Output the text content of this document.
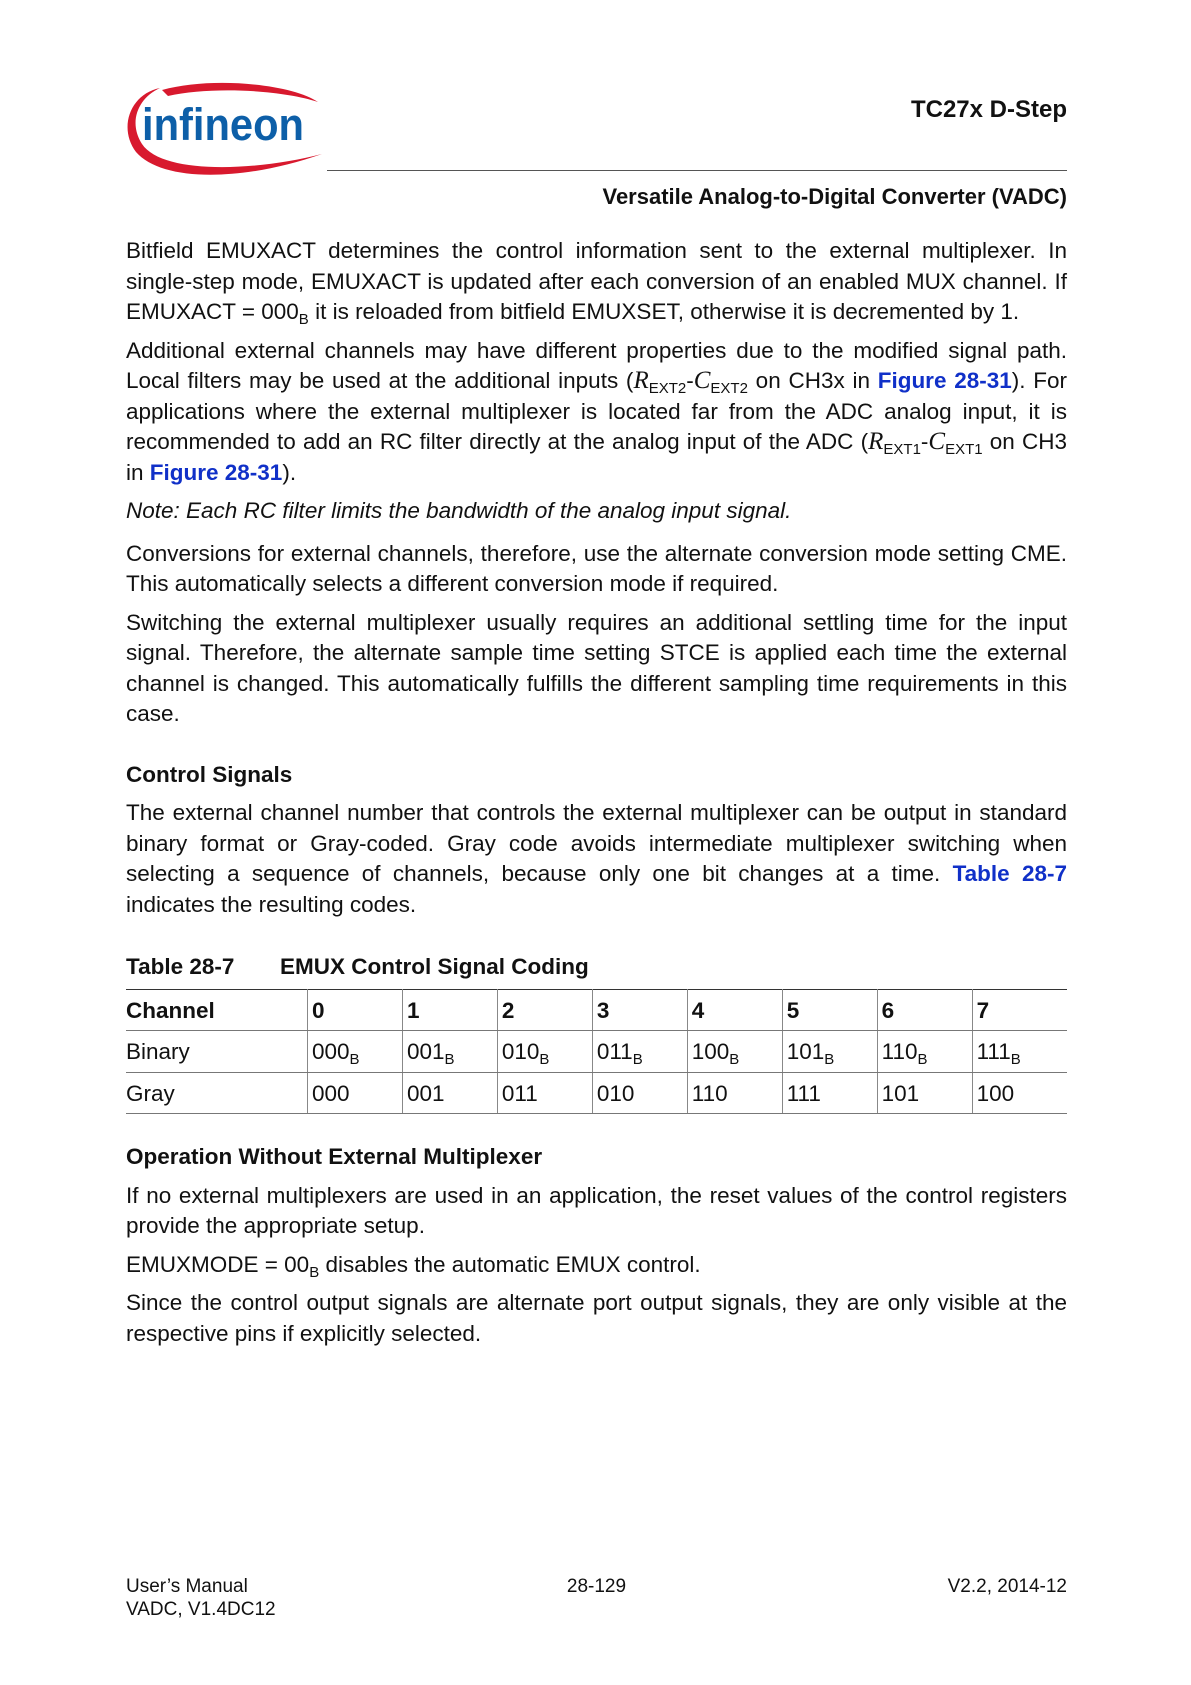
infineon	TC27x D-Step
Versatile Analog-to-Digital Converter (VADC)

Bitfield EMUXACT determines the control information sent to the external multiplexer. In single-step mode, EMUXACT is updated after each conversion of an enabled MUX channel. If EMUXACT = $000_B$ it is reloaded from bitfield EMUXSET, otherwise it is decremented by 1.

Additional external channels may have different properties due to the modified signal path. Local filters may be used at the additional inputs ($R_{EXT2}-C_{EXT2}$ on CH3x in Figure 28-31). For applications where the external multiplexer is located far from the ADC analog input, it is recommended to add an RC filter directly at the analog input of the ADC ($R_{EXT1}-C_{EXT1}$ on CH3 in Figure 28-31).

Note: Each RC filter limits the bandwidth of the analog input signal.

Conversions for external channels, therefore, use the alternate conversion mode setting CME. This automatically selects a different conversion mode if required.

Switching the external multiplexer usually requires an additional settling time for the input signal. Therefore, the alternate sample time setting STCE is applied each time the external channel is changed. This automatically fulfills the different sampling time requirements in this case.

Control Signals

The external channel number that controls the external multiplexer can be output in standard binary format or Gray-coded. Gray code avoids intermediate multiplexer switching when selecting a sequence of channels, because only one bit changes at a time. Table 28-7 indicates the resulting codes.

Table 28-7	EMUX Control Signal Coding
Channel	0	1	2	3	4	5	6	7
Binary	$000_B$	$001_B$	$010_B$	$011_B$	$100_B$	$101_B$	$110_B$	$111_B$
Gray	000	001	011	010	110	111	101	100
Operation Without External Multiplexer

If no external multiplexers are used in an application, the reset values of the control registers provide the appropriate setup.

EMUXMODE = $00_B$ disables the automatic EMUX control.

Since the control output signals are alternate port output signals, they are only visible at the respective pins if explicitly selected.

User’s Manual
VADC, V1.4DC12
28-129	V2.2, 2014-12
